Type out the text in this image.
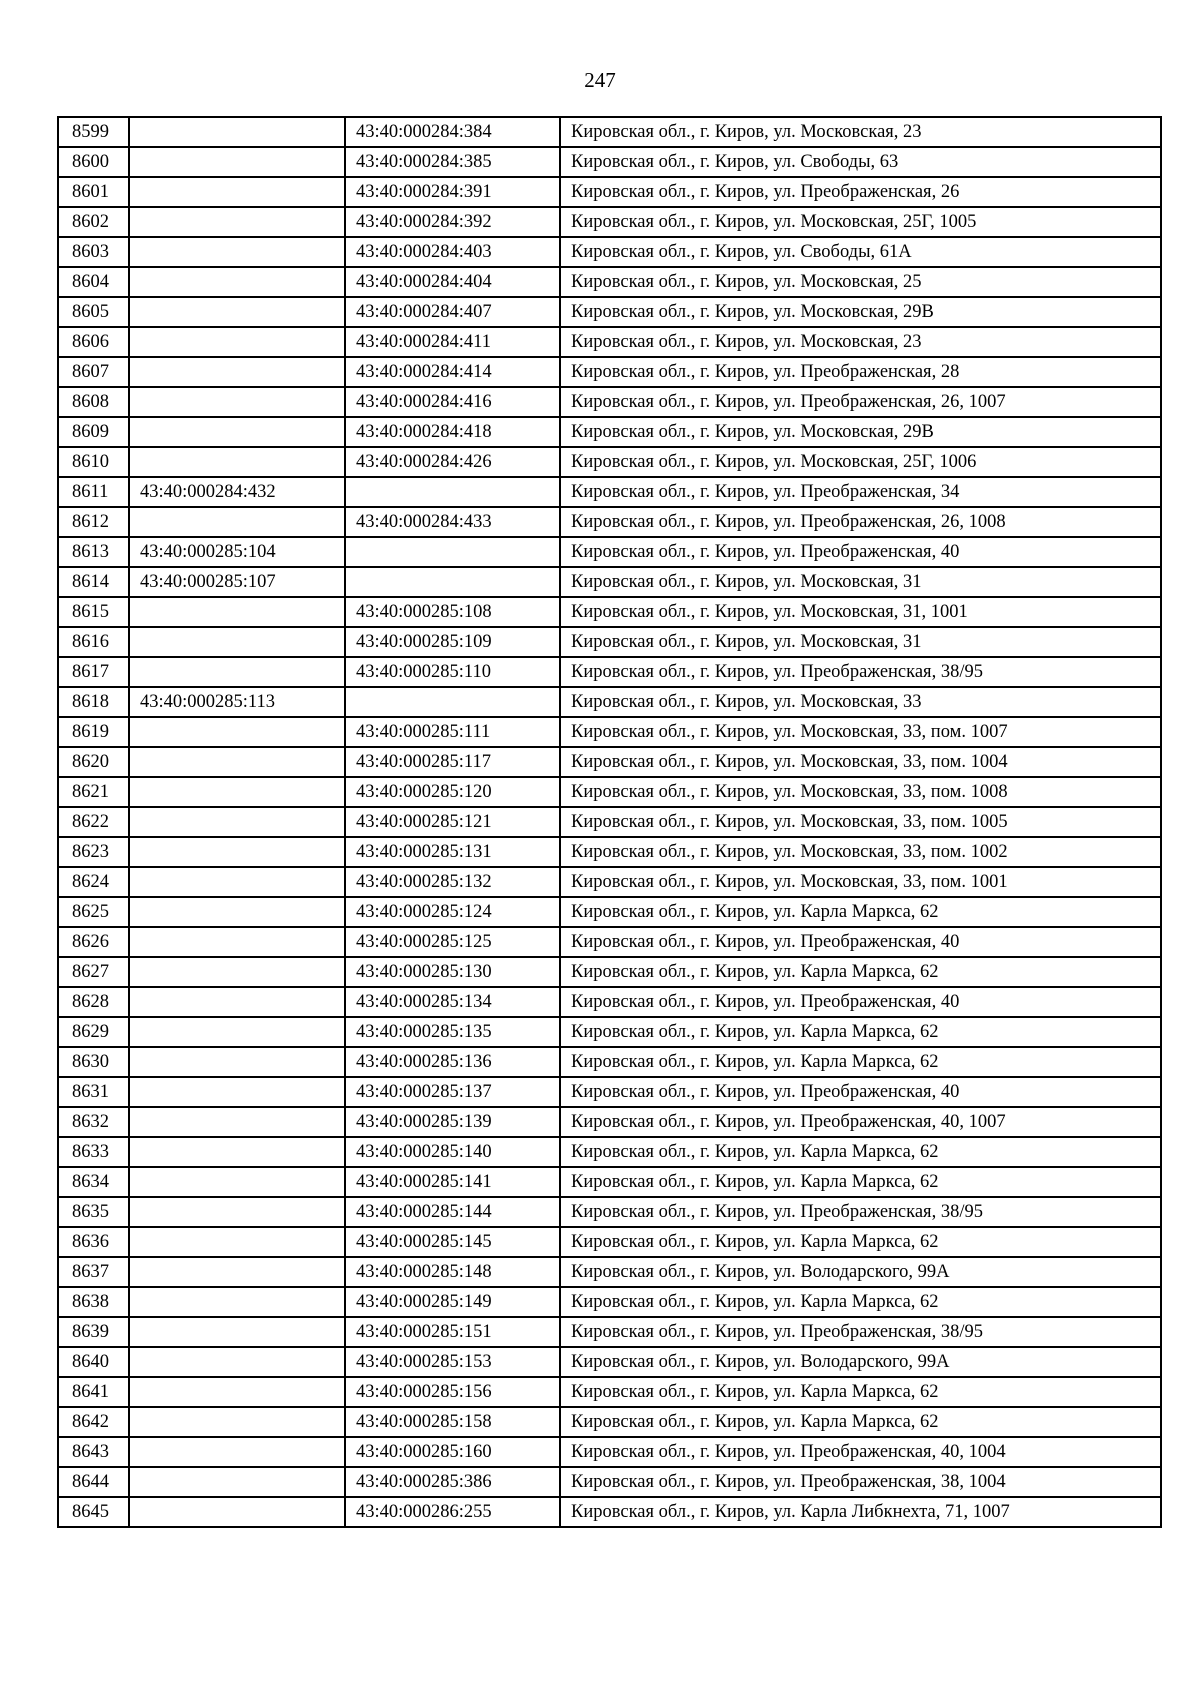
247
8599		43:40:000284:384	Кировская обл., г. Киров, ул. Московская, 23
8600		43:40:000284:385	Кировская обл., г. Киров, ул. Свободы, 63
8601		43:40:000284:391	Кировская обл., г. Киров, ул. Преображенская, 26
8602		43:40:000284:392	Кировская обл., г. Киров, ул. Московская, 25Г, 1005
8603		43:40:000284:403	Кировская обл., г. Киров, ул. Свободы, 61А
8604		43:40:000284:404	Кировская обл., г. Киров, ул. Московская, 25
8605		43:40:000284:407	Кировская обл., г. Киров, ул. Московская, 29В
8606		43:40:000284:411	Кировская обл., г. Киров, ул. Московская, 23
8607		43:40:000284:414	Кировская обл., г. Киров, ул. Преображенская, 28
8608		43:40:000284:416	Кировская обл., г. Киров, ул. Преображенская, 26, 1007
8609		43:40:000284:418	Кировская обл., г. Киров, ул. Московская, 29В
8610		43:40:000284:426	Кировская обл., г. Киров, ул. Московская, 25Г, 1006
8611	43:40:000284:432		Кировская обл., г. Киров, ул. Преображенская, 34
8612		43:40:000284:433	Кировская обл., г. Киров, ул. Преображенская, 26, 1008
8613	43:40:000285:104		Кировская обл., г. Киров, ул. Преображенская, 40
8614	43:40:000285:107		Кировская обл., г. Киров, ул. Московская, 31
8615		43:40:000285:108	Кировская обл., г. Киров, ул. Московская, 31, 1001
8616		43:40:000285:109	Кировская обл., г. Киров, ул. Московская, 31
8617		43:40:000285:110	Кировская обл., г. Киров, ул. Преображенская, 38/95
8618	43:40:000285:113		Кировская обл., г. Киров, ул. Московская, 33
8619		43:40:000285:111	Кировская обл., г. Киров, ул. Московская, 33, пом. 1007
8620		43:40:000285:117	Кировская обл., г. Киров, ул. Московская, 33, пом. 1004
8621		43:40:000285:120	Кировская обл., г. Киров, ул. Московская, 33, пом. 1008
8622		43:40:000285:121	Кировская обл., г. Киров, ул. Московская, 33, пом. 1005
8623		43:40:000285:131	Кировская обл., г. Киров, ул. Московская, 33, пом. 1002
8624		43:40:000285:132	Кировская обл., г. Киров, ул. Московская, 33, пом. 1001
8625		43:40:000285:124	Кировская обл., г. Киров, ул. Карла Маркса, 62
8626		43:40:000285:125	Кировская обл., г. Киров, ул. Преображенская, 40
8627		43:40:000285:130	Кировская обл., г. Киров, ул. Карла Маркса, 62
8628		43:40:000285:134	Кировская обл., г. Киров, ул. Преображенская, 40
8629		43:40:000285:135	Кировская обл., г. Киров, ул. Карла Маркса, 62
8630		43:40:000285:136	Кировская обл., г. Киров, ул. Карла Маркса, 62
8631		43:40:000285:137	Кировская обл., г. Киров, ул. Преображенская, 40
8632		43:40:000285:139	Кировская обл., г. Киров, ул. Преображенская, 40, 1007
8633		43:40:000285:140	Кировская обл., г. Киров, ул. Карла Маркса, 62
8634		43:40:000285:141	Кировская обл., г. Киров, ул. Карла Маркса, 62
8635		43:40:000285:144	Кировская обл., г. Киров, ул. Преображенская, 38/95
8636		43:40:000285:145	Кировская обл., г. Киров, ул. Карла Маркса, 62
8637		43:40:000285:148	Кировская обл., г. Киров, ул. Володарского, 99А
8638		43:40:000285:149	Кировская обл., г. Киров, ул. Карла Маркса, 62
8639		43:40:000285:151	Кировская обл., г. Киров, ул. Преображенская, 38/95
8640		43:40:000285:153	Кировская обл., г. Киров, ул. Володарского, 99А
8641		43:40:000285:156	Кировская обл., г. Киров, ул. Карла Маркса, 62
8642		43:40:000285:158	Кировская обл., г. Киров, ул. Карла Маркса, 62
8643		43:40:000285:160	Кировская обл., г. Киров, ул. Преображенская, 40, 1004
8644		43:40:000285:386	Кировская обл., г. Киров, ул. Преображенская, 38, 1004
8645		43:40:000286:255	Кировская обл., г. Киров, ул. Карла Либкнехта, 71, 1007
